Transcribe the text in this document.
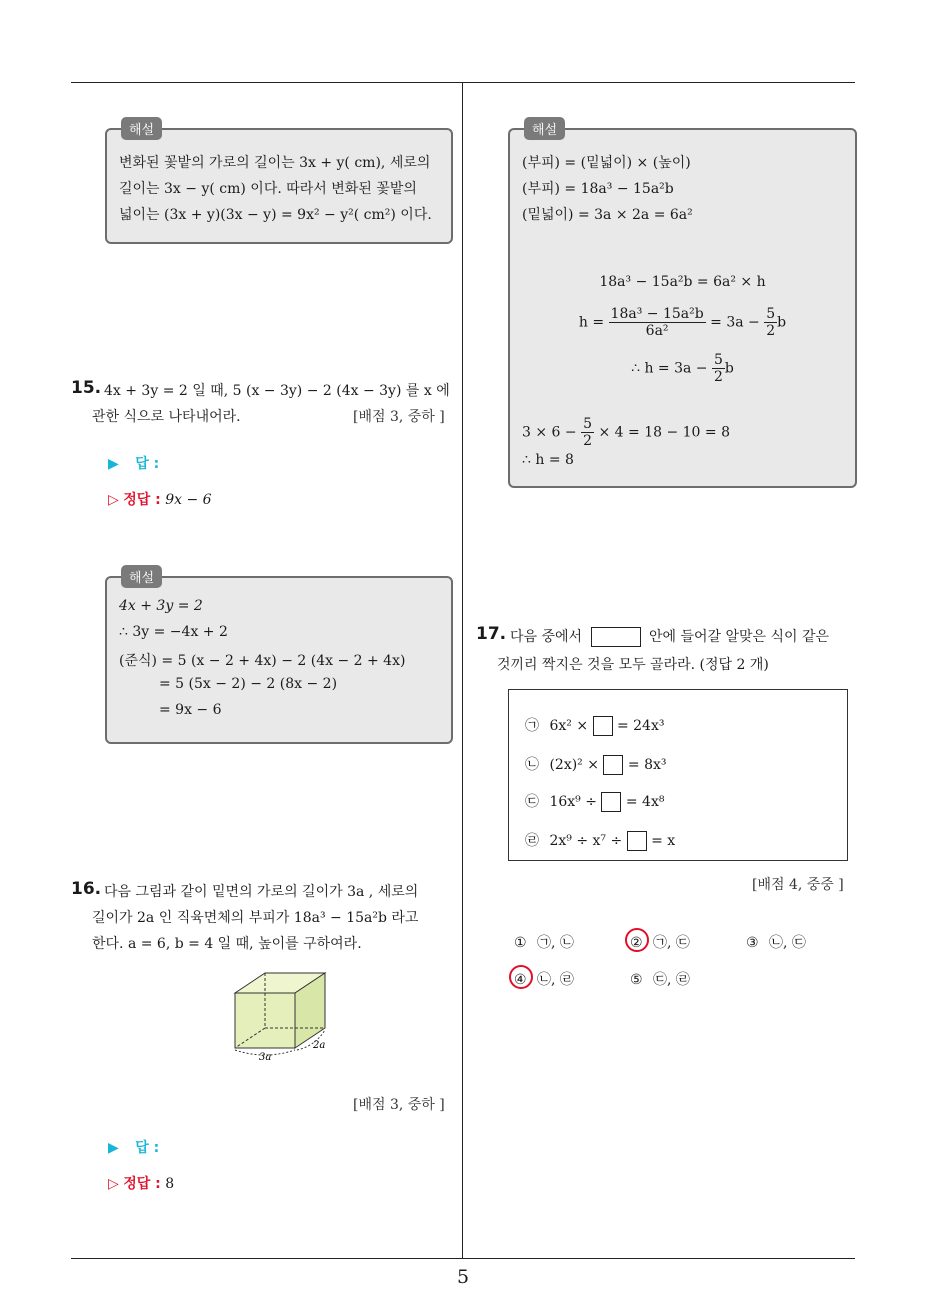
해설
변화된 꽃밭의 가로의 길이는 3x + y( cm), 세로의
길이는 3x − y( cm) 이다. 따라서 변화된 꽃밭의
넓이는 (3x + y)(3x − y) = 9x² − y²( cm²) 이다.
15. 4x + 3y = 2 일 때, 5 (x − 3y) − 2 (4x − 3y) 를 x 에
관한 식으로 나타내어라.	[배점 3, 중하 ]
▶ 답 :
▷ 정답 : 9x − 6
해설
4x + 3y = 2
∴ 3y = −4x + 2
(준식) = 5 (x − 2 + 4x) − 2 (4x − 2 + 4x)
= 5 (5x − 2) − 2 (8x − 2)
= 9x − 6
16. 다음 그림과 같이 밑면의 가로의 길이가 3a , 세로의
길이가 2a 인 직육면체의 부피가 18a³ − 15a²b 라고
한다. a = 6, b = 4 일 때, 높이를 구하여라.
3a
2a
[배점 3, 중하 ]
▶ 답 :
▷ 정답 : 8
해설
(부피) = (밑넓이) × (높이)
(부피) = 18a³ − 15a²b
(밑넓이) = 3a × 2a = 6a²
18a³ − 15a²b = 6a² × h
$h = \frac{\text{18a³ − 15a²b}}{\text{6a²}} = 3a - \frac{5}{2}$ b
∴ $h = 3a - \frac{5}{2}$ b
$3 \times 6 - \frac{5}{2} \times 4 = 18 - 10 = 8$
∴ h = 8
17. 다음 중에서	안에 들어갈 알맞은 식이 같은
것끼리 짝지은 것을 모두 골라라. (정답 2 개)
㉠ 6x² × = 24x³
㉡ (2x)² × = 8x³
㉢ 16x⁹ ÷ = 4x⁸
㉣ 2x⁹ ÷ x⁷ ÷ = x
[배점 4, 중중 ]
① ㉠, ㉡	② ㉠, ㉢	③ ㉡, ㉢
④ ㉡, ㉣	⑤ ㉢, ㉣
5
